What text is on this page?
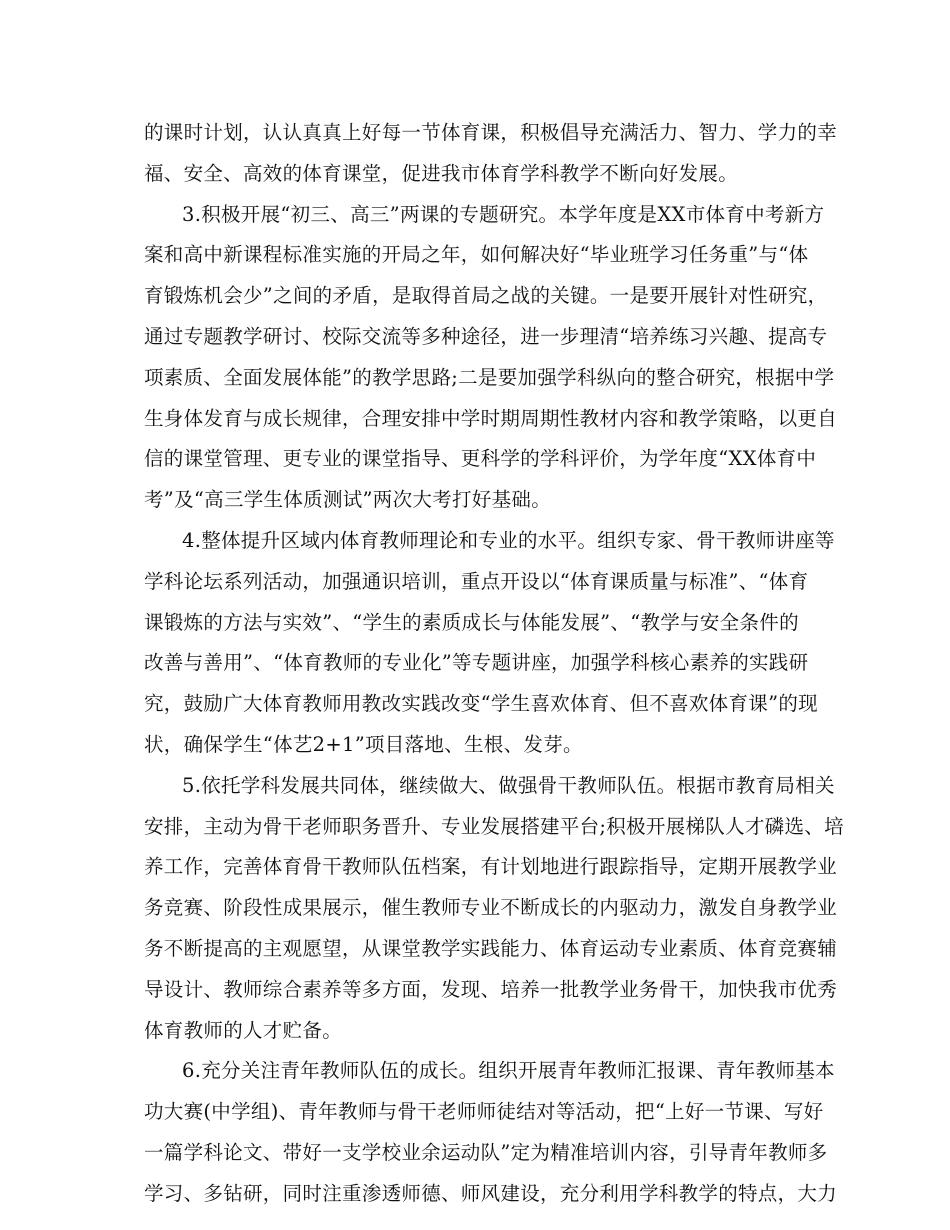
的课时计划，认认真真上好每一节体育课，积极倡导充满活力、智力、学力的幸
福、安全、高效的体育课堂，促进我市体育学科教学不断向好发展。
3.积极开展“初三、高三”两课的专题研究。本学年度是XX市体育中考新方
案和高中新课程标准实施的开局之年，如何解决好“毕业班学习任务重”与“体
育锻炼机会少”之间的矛盾，是取得首局之战的关键。一是要开展针对性研究，
通过专题教学研讨、校际交流等多种途径，进一步理清“培养练习兴趣、提高专
项素质、全面发展体能”的教学思路;二是要加强学科纵向的整合研究，根据中学
生身体发育与成长规律，合理安排中学时期周期性教材内容和教学策略，以更自
信的课堂管理、更专业的课堂指导、更科学的学科评价，为学年度“XX体育中
考”及“高三学生体质测试”两次大考打好基础。
4.整体提升区域内体育教师理论和专业的水平。组织专家、骨干教师讲座等
学科论坛系列活动，加强通识培训，重点开设以“体育课质量与标准”、“体育
课锻炼的方法与实效”、“学生的素质成长与体能发展”、“教学与安全条件的
改善与善用”、“体育教师的专业化”等专题讲座，加强学科核心素养的实践研
究，鼓励广大体育教师用教改实践改变“学生喜欢体育、但不喜欢体育课”的现
状，确保学生“体艺2+1”项目落地、生根、发芽。
5.依托学科发展共同体，继续做大、做强骨干教师队伍。根据市教育局相关
安排，主动为骨干老师职务晋升、专业发展搭建平台;积极开展梯队人才磷选、培
养工作，完善体育骨干教师队伍档案，有计划地进行跟踪指导，定期开展教学业
务竞赛、阶段性成果展示，催生教师专业不断成长的内驱动力，激发自身教学业
务不断提高的主观愿望，从课堂教学实践能力、体育运动专业素质、体育竞赛辅
导设计、教师综合素养等多方面，发现、培养一批教学业务骨干，加快我市优秀
体育教师的人才贮备。
6.充分关注青年教师队伍的成长。组织开展青年教师汇报课、青年教师基本
功大赛(中学组)、青年教师与骨干老师师徒结对等活动，把“上好一节课、写好
一篇学科论文、带好一支学校业余运动队”定为精准培训内容，引导青年教师多
学习、多钻研，同时注重渗透师德、师风建设，充分利用学科教学的特点，大力
